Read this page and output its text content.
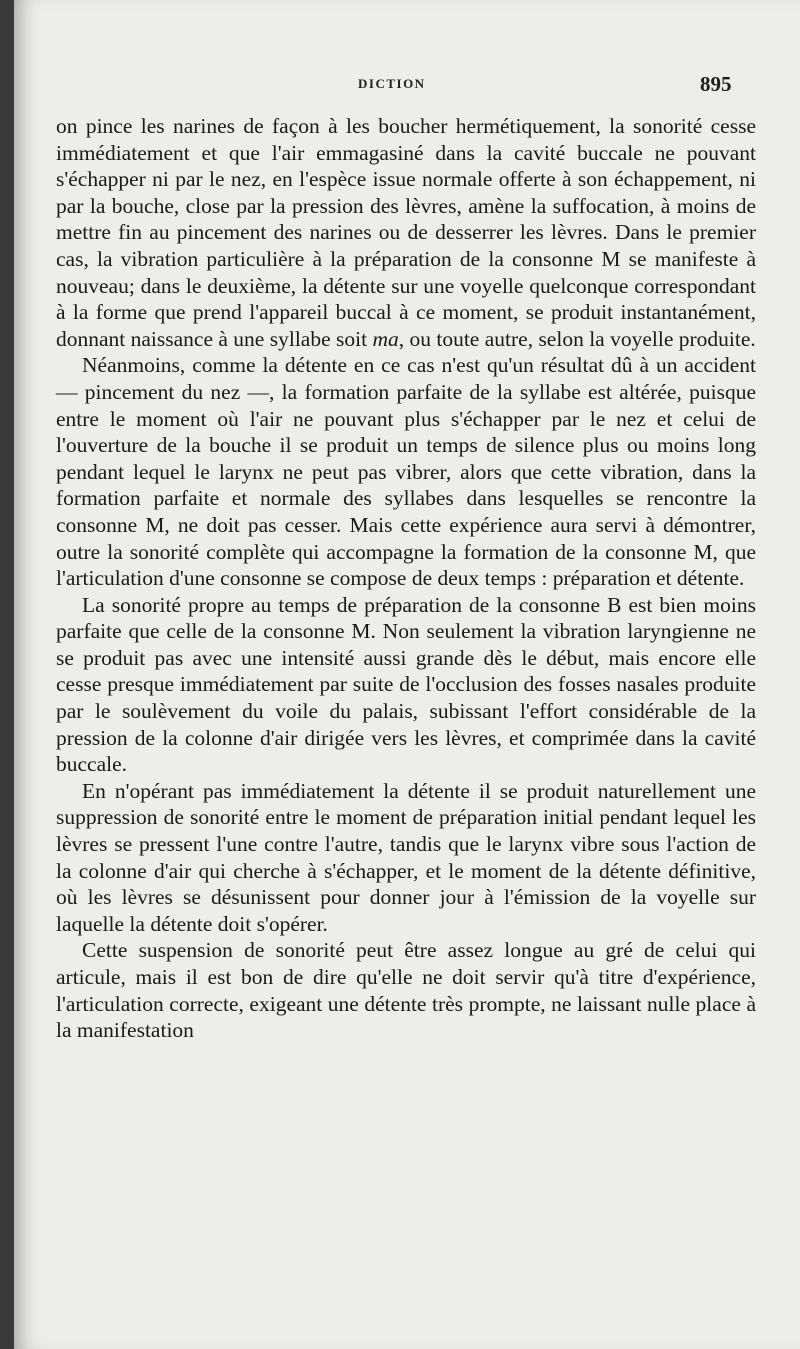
DICTION	895

on pince les narines de façon à les boucher hermétiquement, la sonorité cesse immédiatement et que l'air emmagasiné dans la cavité buccale ne pouvant s'échapper ni par le nez, en l'espèce issue normale offerte à son échappement, ni par la bouche, close par la pression des lèvres, amène la suffocation, à moins de mettre fin au pincement des narines ou de desserrer les lèvres. Dans le premier cas, la vibration particulière à la préparation de la consonne M se manifeste à nouveau; dans le deuxième, la détente sur une voyelle quelconque correspondant à la forme que prend l'appareil buccal à ce moment, se produit instantanément, donnant naissance à une syllabe soit ma, ou toute autre, selon la voyelle produite.

Néanmoins, comme la détente en ce cas n'est qu'un résultat dû à un accident — pincement du nez —, la formation parfaite de la syllabe est altérée, puisque entre le moment où l'air ne pouvant plus s'échapper par le nez et celui de l'ouverture de la bouche il se produit un temps de silence plus ou moins long pendant lequel le larynx ne peut pas vibrer, alors que cette vibration, dans la formation parfaite et normale des syllabes dans lesquelles se rencontre la consonne M, ne doit pas cesser. Mais cette expérience aura servi à démontrer, outre la sonorité complète qui accompagne la formation de la consonne M, que l'articulation d'une consonne se compose de deux temps : préparation et détente.

La sonorité propre au temps de préparation de la consonne B est bien moins parfaite que celle de la consonne M. Non seulement la vibration laryngienne ne se produit pas avec une intensité aussi grande dès le début, mais encore elle cesse presque immédiatement par suite de l'occlusion des fosses nasales produite par le soulèvement du voile du palais, subissant l'effort considérable de la pression de la colonne d'air dirigée vers les lèvres, et comprimée dans la cavité buccale.

En n'opérant pas immédiatement la détente il se produit naturellement une suppression de sonorité entre le moment de préparation initial pendant lequel les lèvres se pressent l'une contre l'autre, tandis que le larynx vibre sous l'action de la colonne d'air qui cherche à s'échapper, et le moment de la détente définitive, où les lèvres se désunissent pour donner jour à l'émission de la voyelle sur laquelle la détente doit s'opérer.

Cette suspension de sonorité peut être assez longue au gré de celui qui articule, mais il est bon de dire qu'elle ne doit servir qu'à titre d'expérience, l'articulation correcte, exigeant une détente très prompte, ne laissant nulle place à la manifestation
